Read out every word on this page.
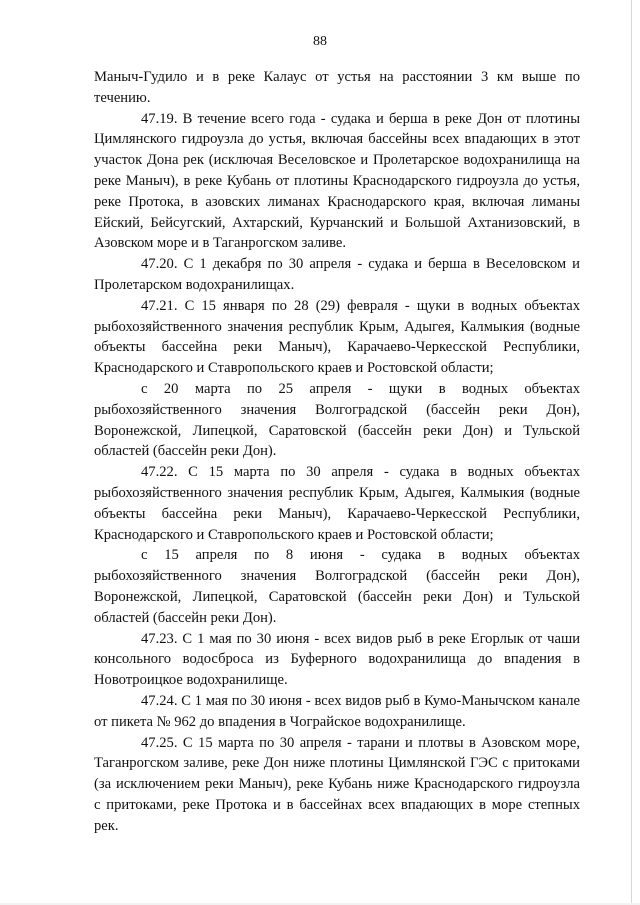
88

Маныч-Гудило и в реке Калаус от устья на расстоянии 3 км выше по течению.

47.19. В течение всего года - судака и берша в реке Дон от плотины Цимлянского гидроузла до устья, включая бассейны всех впадающих в этот участок Дона рек (исключая Веселовское и Пролетарское водохранилища на реке Маныч), в реке Кубань от плотины Краснодарского гидроузла до устья, реке Протока, в азовских лиманах Краснодарского края, включая лиманы Ейский, Бейсугский, Ахтарский, Курчанский и Большой Ахтанизовский, в Азовском море и в Таганрогском заливе.

47.20. С 1 декабря по 30 апреля - судака и берша в Веселовском и Пролетарском водохранилищах.

47.21. С 15 января по 28 (29) февраля - щуки в водных объектах рыбохозяйственного значения республик Крым, Адыгея, Калмыкия (водные объекты бассейна реки Маныч), Карачаево-Черкесской Республики, Краснодарского и Ставропольского краев и Ростовской области;

с 20 марта по 25 апреля - щуки в водных объектах рыбохозяйственного значения Волгоградской (бассейн реки Дон), Воронежской, Липецкой, Саратовской (бассейн реки Дон) и Тульской областей (бассейн реки Дон).

47.22. С 15 марта по 30 апреля - судака в водных объектах рыбохозяйственного значения республик Крым, Адыгея, Калмыкия (водные объекты бассейна реки Маныч), Карачаево-Черкесской Республики, Краснодарского и Ставропольского краев и Ростовской области;

с 15 апреля по 8 июня - судака в водных объектах рыбохозяйственного значения Волгоградской (бассейн реки Дон), Воронежской, Липецкой, Саратовской (бассейн реки Дон) и Тульской областей (бассейн реки Дон).

47.23. С 1 мая по 30 июня - всех видов рыб в реке Егорлык от чаши консольного водосброса из Буферного водохранилища до впадения в Новотроицкое водохранилище.

47.24. С 1 мая по 30 июня - всех видов рыб в Кумо-Манычском канале от пикета № 962 до впадения в Чограйское водохранилище.

47.25. С 15 марта по 30 апреля - тарани и плотвы в Азовском море, Таганрогском заливе, реке Дон ниже плотины Цимлянской ГЭС с притоками (за исключением реки Маныч), реке Кубань ниже Краснодарского гидроузла с притоками, реке Протока и в бассейнах всех впадающих в море степных рек.
